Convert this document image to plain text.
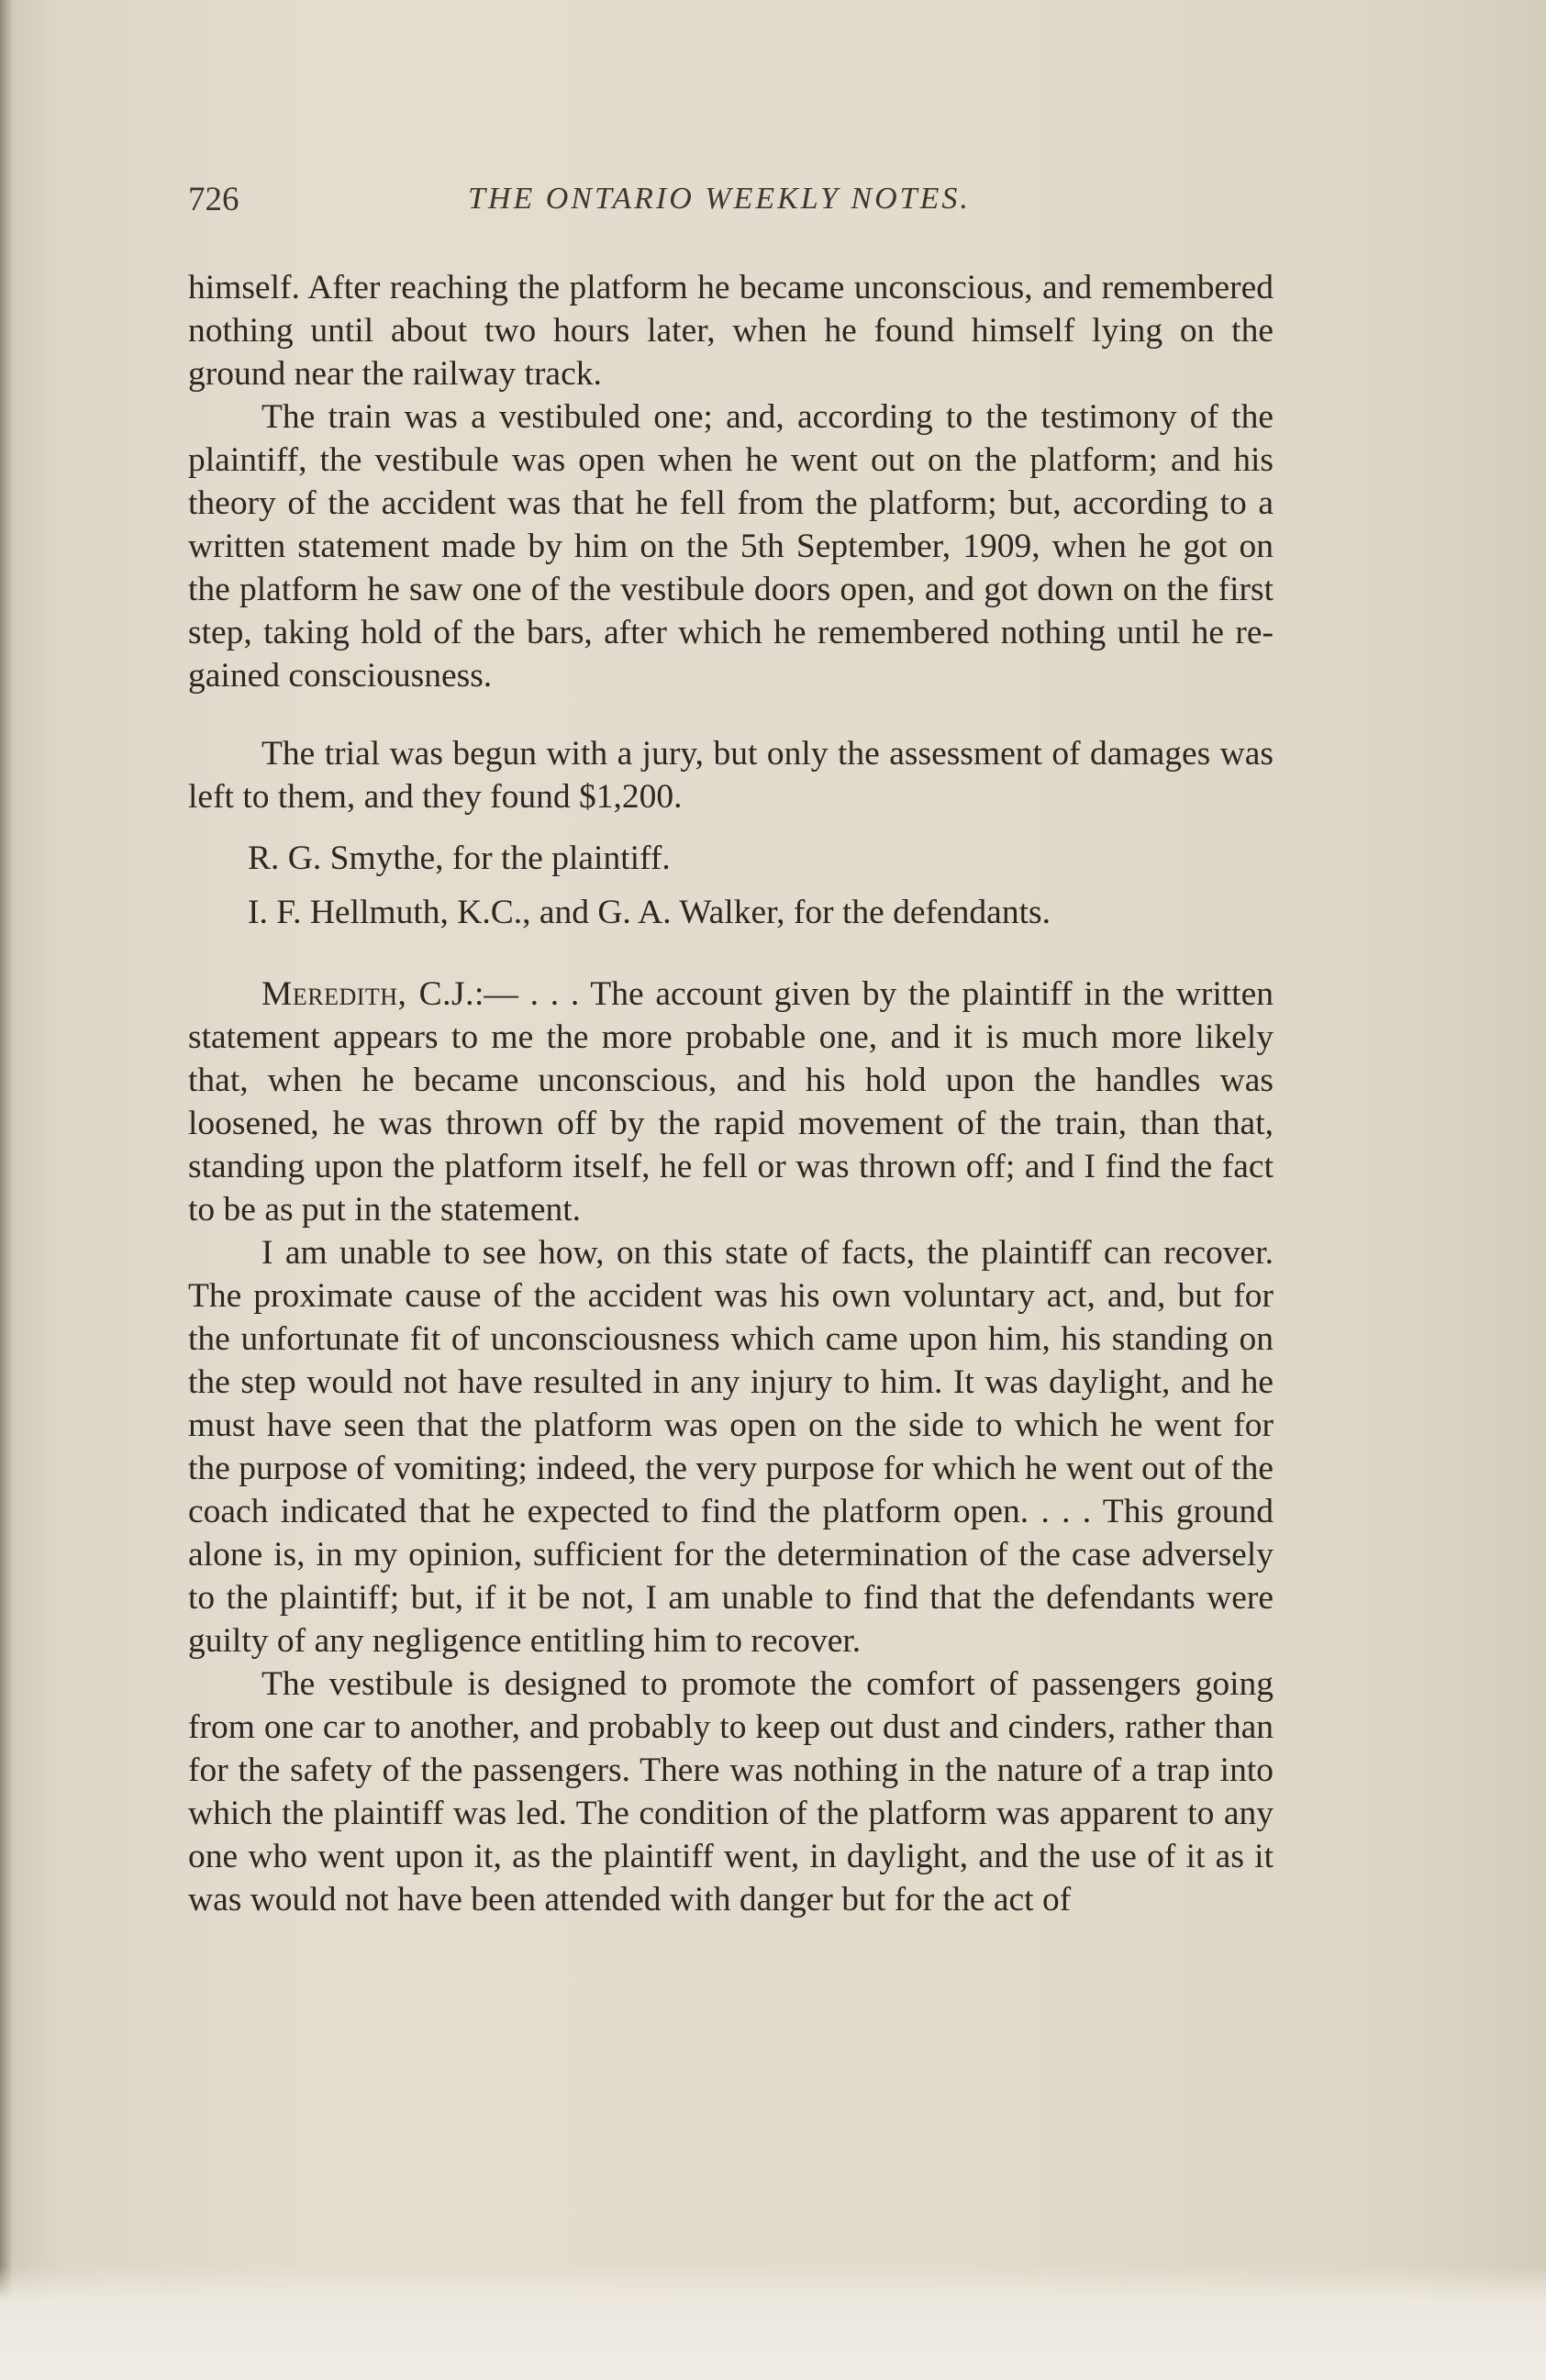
726	THE ONTARIO WEEKLY NOTES.

himself. After reaching the platform he became unconscious, and remembered nothing until about two hours later, when he found himself lying on the ground near the railway track.

The train was a vestibuled one; and, according to the testimony of the plaintiff, the vestibule was open when he went out on the platform; and his theory of the accident was that he fell from the platform; but, according to a written statement made by him on the 5th September, 1909, when he got on the platform he saw one of the vestibule doors open, and got down on the first step, taking hold of the bars, after which he remembered nothing until he re-gained consciousness.

The trial was begun with a jury, but only the assessment of damages was left to them, and they found $1,200.

R. G. Smythe, for the plaintiff.

I. F. Hellmuth, K.C., and G. A. Walker, for the defendants.

Meredith, C.J.:— . . . The account given by the plaintiff in the written statement appears to me the more probable one, and it is much more likely that, when he became unconscious, and his hold upon the handles was loosened, he was thrown off by the rapid movement of the train, than that, standing upon the platform itself, he fell or was thrown off; and I find the fact to be as put in the statement.

I am unable to see how, on this state of facts, the plaintiff can recover. The proximate cause of the accident was his own voluntary act, and, but for the unfortunate fit of unconsciousness which came upon him, his standing on the step would not have resulted in any injury to him. It was daylight, and he must have seen that the platform was open on the side to which he went for the purpose of vomiting; indeed, the very purpose for which he went out of the coach indicated that he expected to find the platform open. . . . This ground alone is, in my opinion, sufficient for the determination of the case adversely to the plaintiff; but, if it be not, I am unable to find that the defendants were guilty of any negligence entitling him to recover.

The vestibule is designed to promote the comfort of passengers going from one car to another, and probably to keep out dust and cinders, rather than for the safety of the passengers. There was nothing in the nature of a trap into which the plaintiff was led. The condition of the platform was apparent to any one who went upon it, as the plaintiff went, in daylight, and the use of it as it was would not have been attended with danger but for the act of
